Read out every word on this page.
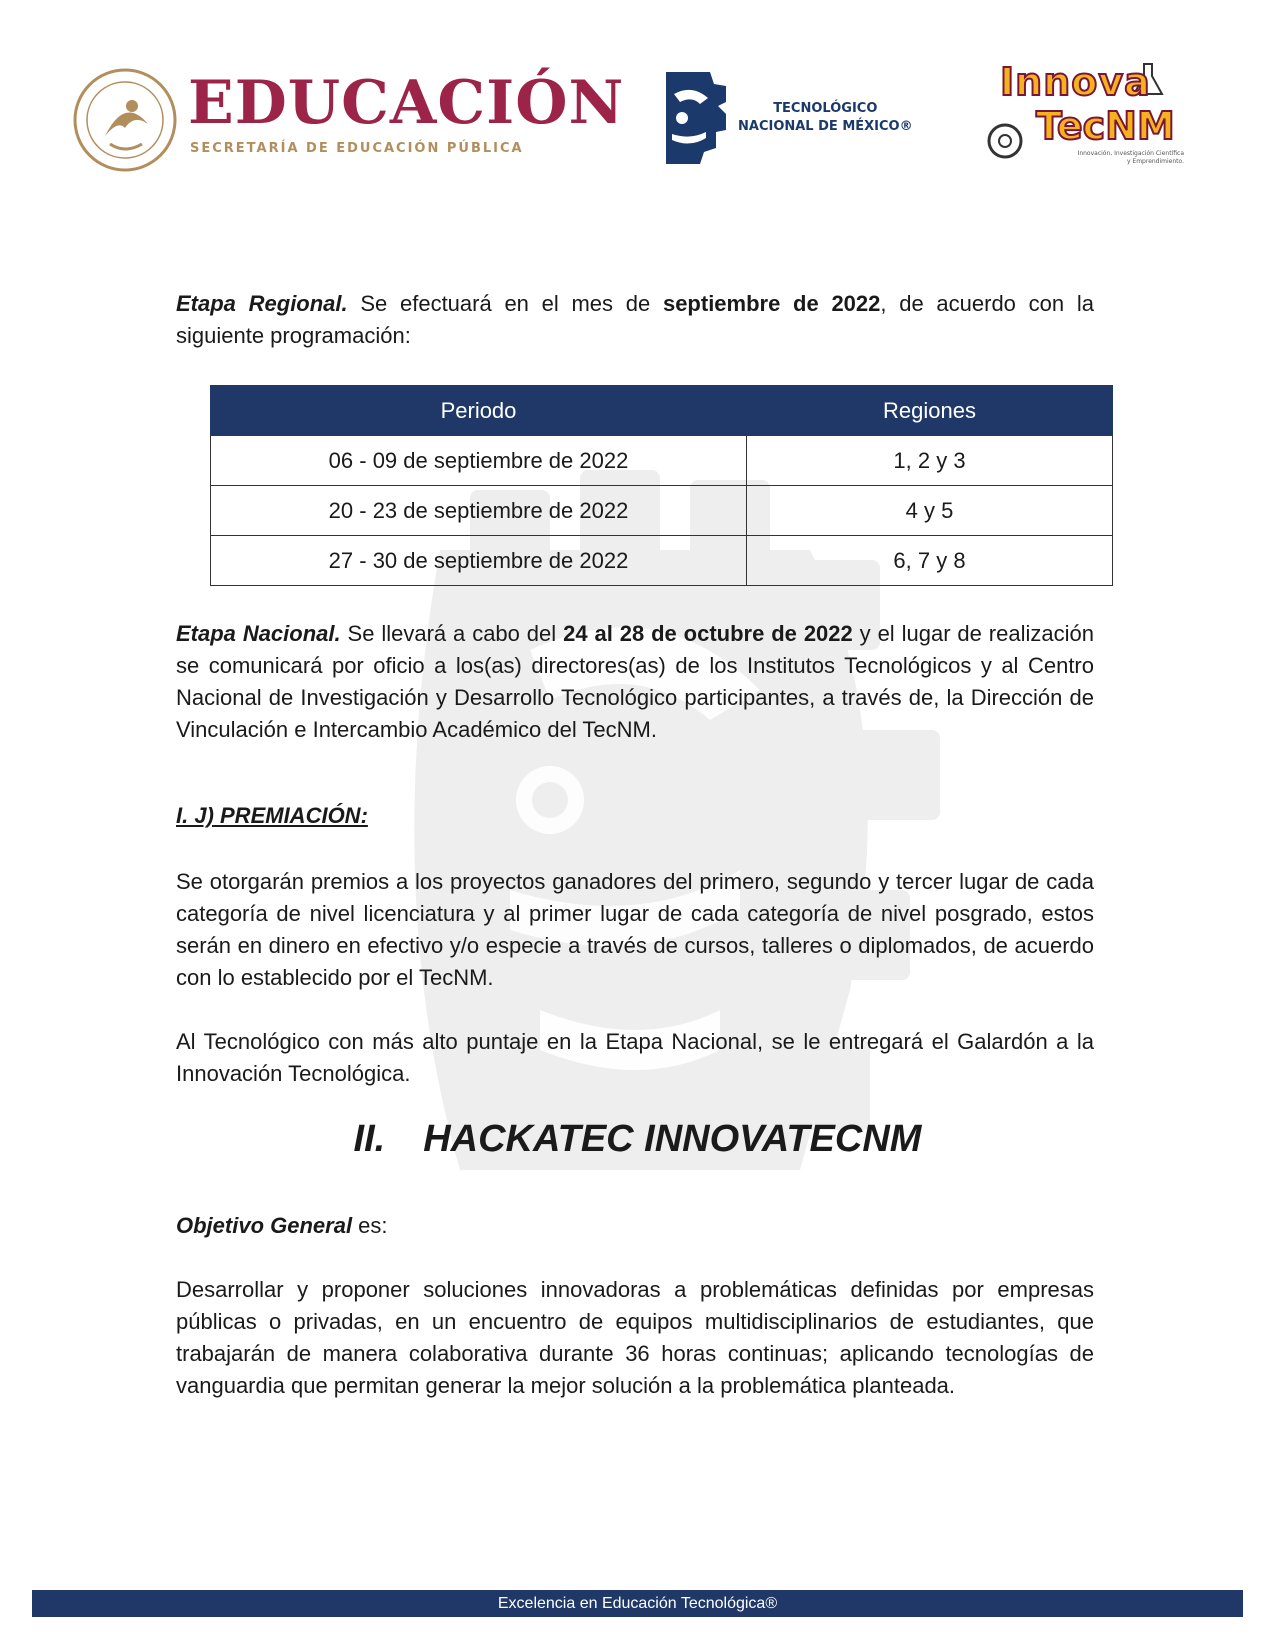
EDUCACIÓN
SECRETARÍA DE EDUCACIÓN PÚBLICA
TECNOLÓGICO
NACIONAL DE MÉXICO®
Innova
TecNM
Innovación, Investigación Científica y Emprendimiento.
Etapa Regional. Se efectuará en el mes de septiembre de 2022, de acuerdo con la siguiente programación:
Periodo	Regiones
06 - 09 de septiembre de 2022	1, 2 y 3
20 - 23 de septiembre de 2022	4 y 5
27 - 30 de septiembre de 2022	6, 7 y 8
Etapa Nacional. Se llevará a cabo del 24 al 28 de octubre de 2022 y el lugar de realización se comunicará por oficio a los(as) directores(as) de los Institutos Tecnológicos y al Centro Nacional de Investigación y Desarrollo Tecnológico participantes, a través de, la Dirección de Vinculación e Intercambio Académico del TecNM.
I. J) PREMIACIÓN:
Se otorgarán premios a los proyectos ganadores del primero, segundo y tercer lugar de cada categoría de nivel licenciatura y al primer lugar de cada categoría de nivel posgrado, estos serán en dinero en efectivo y/o especie a través de cursos, talleres o diplomados, de acuerdo con lo establecido por el TecNM.
Al Tecnológico con más alto puntaje en la Etapa Nacional, se le entregará el Galardón a la Innovación Tecnológica.
II. HACKATEC INNOVATECNM
Objetivo General es:
Desarrollar y proponer soluciones innovadoras a problemáticas definidas por empresas públicas o privadas, en un encuentro de equipos multidisciplinarios de estudiantes, que trabajarán de manera colaborativa durante 36 horas continuas; aplicando tecnologías de vanguardia que permitan generar la mejor solución a la problemática planteada.
Excelencia en Educación Tecnológica®
